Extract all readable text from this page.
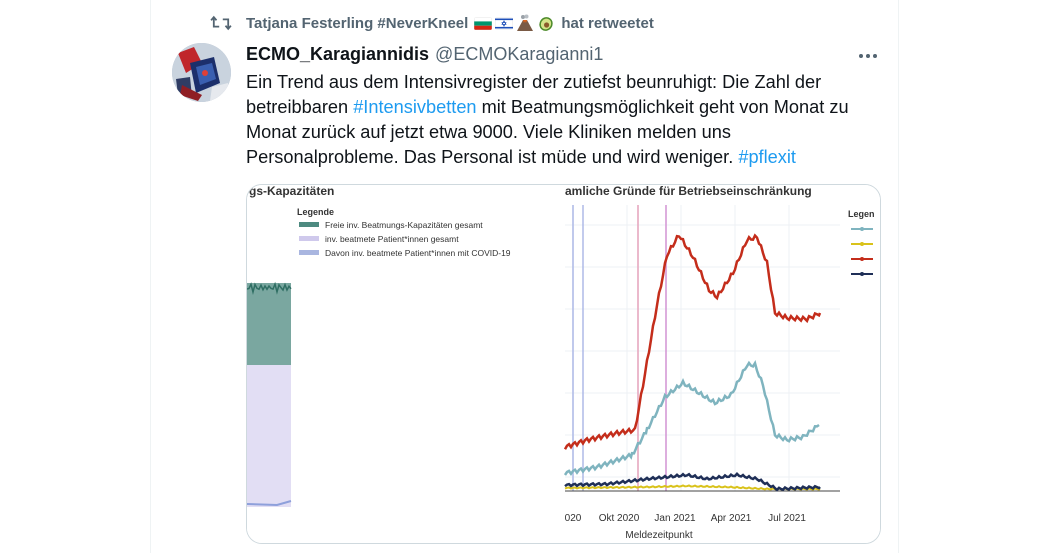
Tatjana Festerling #NeverKneel	hat retweetet
ECMO_Karagiannidis @ECMOKaragianni1
Ein Trend aus dem Intensivregister der zutiefst beunruhigt: Die Zahl der betreibbaren #Intensivbetten mit Beatmungsmöglichkeit geht von Monat zu Monat zurück auf jetzt etwa 9000. Viele Kliniken melden uns Personalprobleme. Das Personal ist müde und wird weniger. #pflexit
gs-Kapazitäten
Legende
Freie inv. Beatmungs-Kapazitäten gesamt
inv. beatmete Patient*innen gesamt
Davon inv. beatmete Patient*innen mit COVID-19
amliche Gründe für Betriebseinschränkung
020 Okt 2020 Jan 2021 Apr 2021 Jul 2021
Meldezeitpunkt
Legen
